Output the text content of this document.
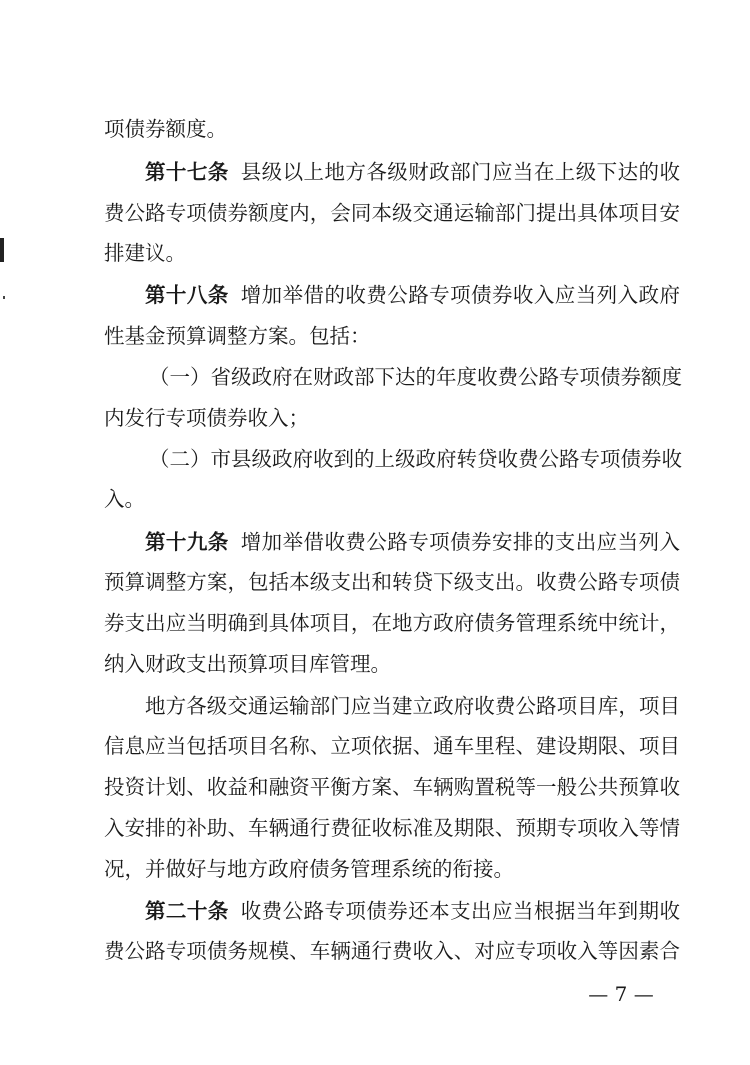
项债券额度。
第十七条 县级以上地方各级财政部门应当在上级下达的收
费公路专项债券额度内，会同本级交通运输部门提出具体项目安
排建议。
第十八条 增加举借的收费公路专项债券收入应当列入政府
性基金预算调整方案。包括：
（一）省级政府在财政部下达的年度收费公路专项债券额度
内发行专项债券收入；
（二）市县级政府收到的上级政府转贷收费公路专项债券收
入。
第十九条 增加举借收费公路专项债券安排的支出应当列入
预算调整方案，包括本级支出和转贷下级支出。收费公路专项债
券支出应当明确到具体项目，在地方政府债务管理系统中统计，
纳入财政支出预算项目库管理。
地方各级交通运输部门应当建立政府收费公路项目库，项目
信息应当包括项目名称、立项依据、通车里程、建设期限、项目
投资计划、收益和融资平衡方案、车辆购置税等一般公共预算收
入安排的补助、车辆通行费征收标准及期限、预期专项收入等情
况，并做好与地方政府债务管理系统的衔接。
第二十条 收费公路专项债券还本支出应当根据当年到期收
费公路专项债务规模、车辆通行费收入、对应专项收入等因素合
— 7 —
